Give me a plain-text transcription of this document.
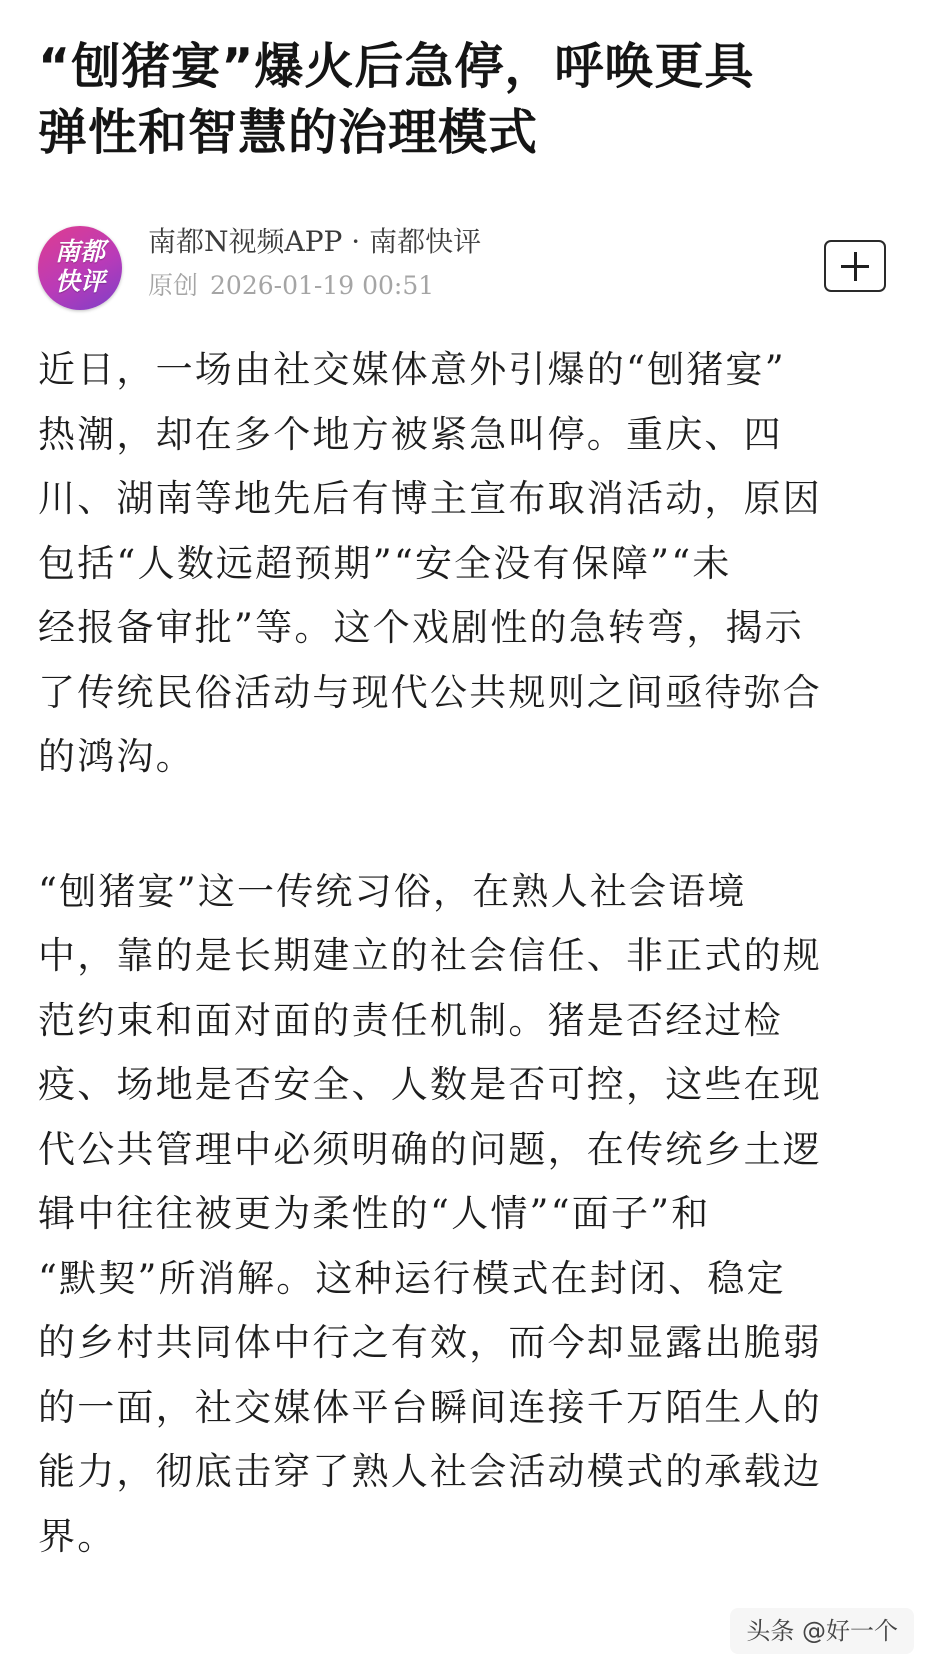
“刨猪宴”爆火后急停，呼唤更具
弹性和智慧的治理模式
南都
快评
南都N视频APP · 南都快评
原创 2026-01-19 00:51

近日，一场由社交媒体意外引爆的“刨猪宴”
热潮，却在多个地方被紧急叫停。重庆、四
川、湖南等地先后有博主宣布取消活动，原因
包括“人数远超预期”“安全没有保障”“未
经报备审批”等。这个戏剧性的急转弯，揭示
了传统民俗活动与现代公共规则之间亟待弥合
的鸿沟。

“刨猪宴”这一传统习俗，在熟人社会语境
中，靠的是长期建立的社会信任、非正式的规
范约束和面对面的责任机制。猪是否经过检
疫、场地是否安全、人数是否可控，这些在现
代公共管理中必须明确的问题，在传统乡土逻
辑中往往被更为柔性的“人情”“面子”和
“默契”所消解。这种运行模式在封闭、稳定
的乡村共同体中行之有效，而今却显露出脆弱
的一面，社交媒体平台瞬间连接千万陌生人的
能力，彻底击穿了熟人社会活动模式的承载边
界。

头条 @好一个
